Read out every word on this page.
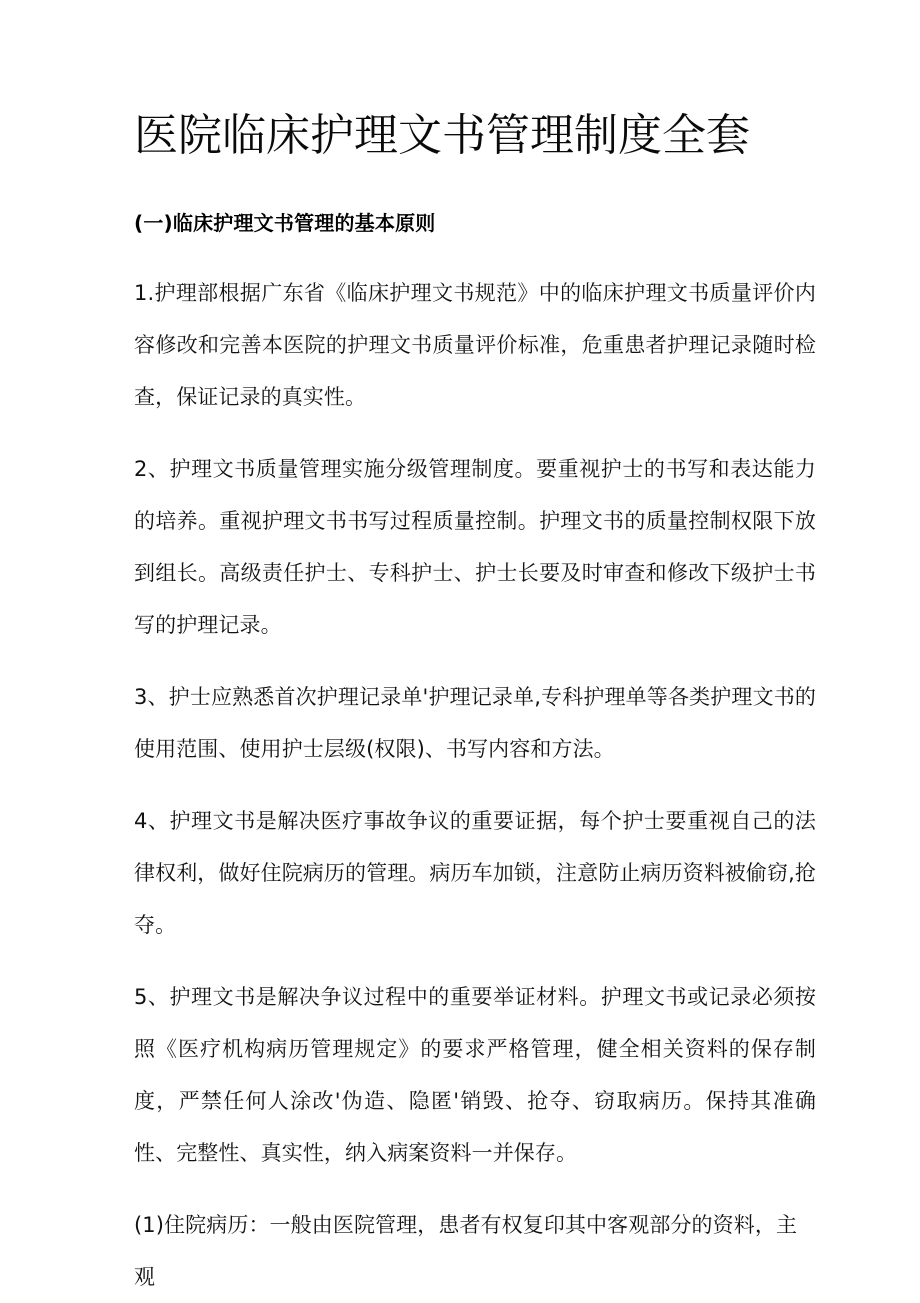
医院临床护理文书管理制度全套
(一)临床护理文书管理的基本原则

1.护理部根据广东省《临床护理文书规范》中的临床护理文书质量评价内容修改和完善本医院的护理文书质量评价标准，危重患者护理记录随时检查，保证记录的真实性。

2、护理文书质量管理实施分级管理制度。要重视护士的书写和表达能力的培养。重视护理文书书写过程质量控制。护理文书的质量控制权限下放到组长。高级责任护士、专科护士、护士长要及时审查和修改下级护士书写的护理记录。

3、护士应熟悉首次护理记录单'护理记录单,专科护理单等各类护理文书的使用范围、使用护士层级(权限)、书写内容和方法。

4、护理文书是解决医疗事故争议的重要证据，每个护士要重视自己的法律权利，做好住院病历的管理。病历车加锁，注意防止病历资料被偷窃,抢夺。

5、护理文书是解决争议过程中的重要举证材料。护理文书或记录必须按照《医疗机构病历管理规定》的要求严格管理，健全相关资料的保存制度，严禁任何人涂改'伪造、隐匿'销毁、抢夺、窃取病历。保持其准确性、完整性、真实性，纳入病案资料一并保存。

(1)住院病历：一般由医院管理，患者有权复印其中客观部分的资料，主观
